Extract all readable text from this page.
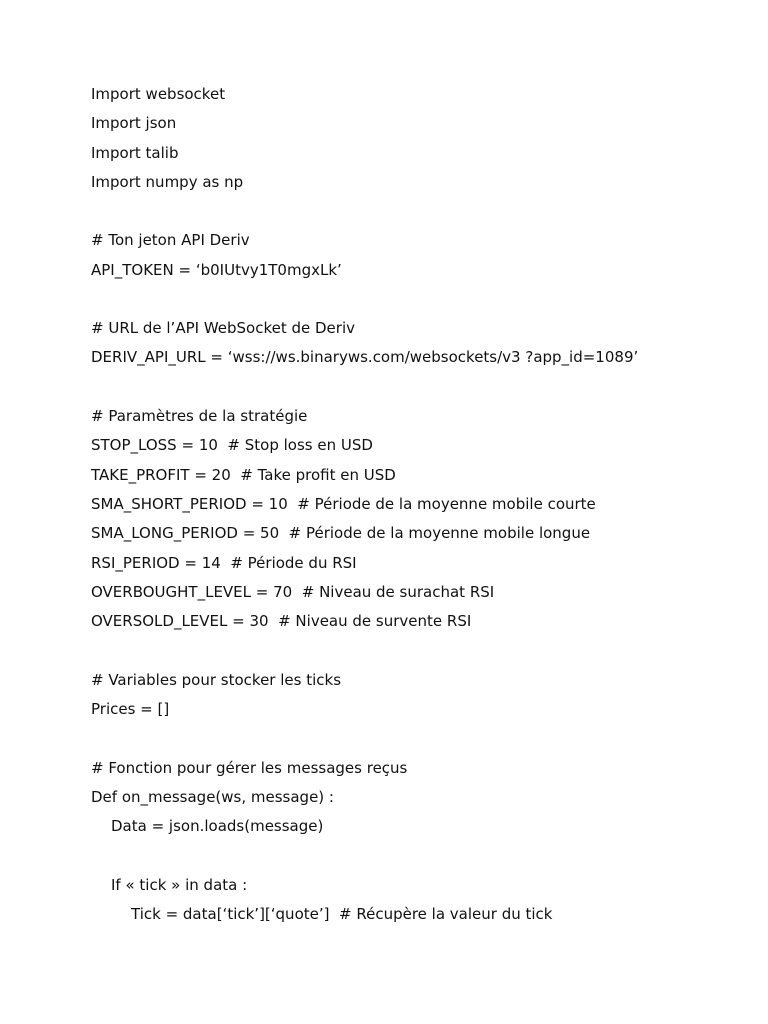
Import websocket
Import json
Import talib
Import numpy as np
# Ton jeton API Deriv
API_TOKEN = ‘b0IUtvy1T0mgxLk’
# URL de l’API WebSocket de Deriv
DERIV_API_URL = ‘wss://ws.binaryws.com/websockets/v3 ?app_id=1089’
# Paramètres de la stratégie
STOP_LOSS = 10  # Stop loss en USD
TAKE_PROFIT = 20  # Take profit en USD
SMA_SHORT_PERIOD = 10  # Période de la moyenne mobile courte
SMA_LONG_PERIOD = 50  # Période de la moyenne mobile longue
RSI_PERIOD = 14  # Période du RSI
OVERBOUGHT_LEVEL = 70  # Niveau de surachat RSI
OVERSOLD_LEVEL = 30  # Niveau de survente RSI
# Variables pour stocker les ticks
Prices = []
# Fonction pour gérer les messages reçus
Def on_message(ws, message) :
Data = json.loads(message)
If « tick » in data :
Tick = data[‘tick’][‘quote’]  # Récupère la valeur du tick
